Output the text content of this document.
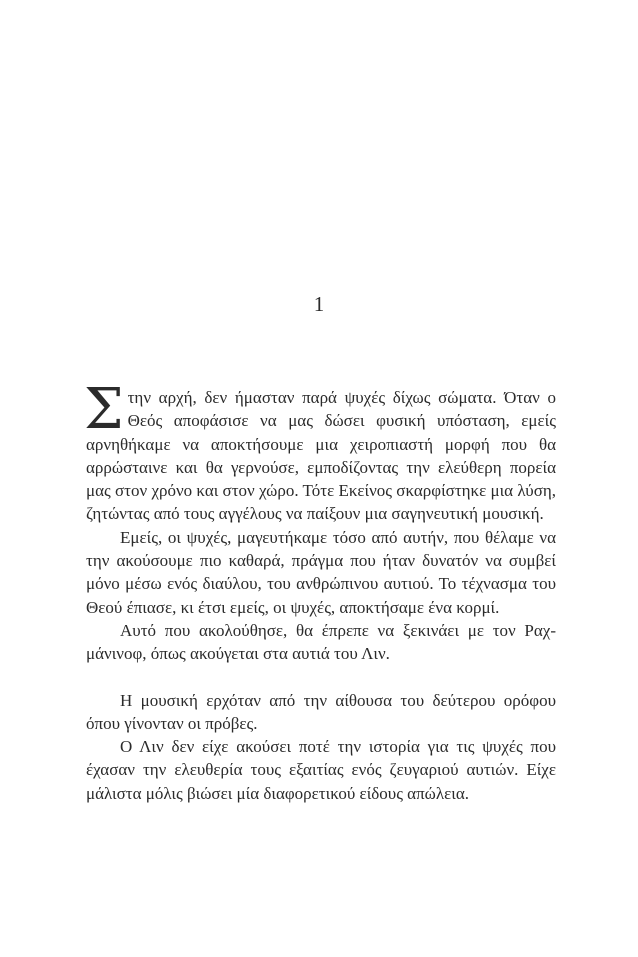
1

Στην αρχή, δεν ήμασταν παρά ψυχές δίχως σώματα. Όταν ο Θεός αποφάσισε να μας δώσει φυσική υπόσταση, εμείς αρνηθήκαμε να αποκτήσουμε μια χειροπιαστή μορφή που θα αρρώσταινε και θα γερνούσε, εμποδίζοντας την ελεύθερη πορεία μας στον χρόνο και στον χώρο. Τότε Εκείνος σκαρφίστηκε μια λύση, ζητώντας από τους αγγέλους να παίξουν μια σαγηνευτική μουσική.

Εμείς, οι ψυχές, μαγευτήκαμε τόσο από αυτήν, που θέλαμε να την ακούσουμε πιο καθαρά, πράγμα που ήταν δυνατόν να συμβεί μόνο μέσω ενός διαύλου, του ανθρώπινου αυτιού. Το τέχνασμα του Θεού έπιασε, κι έτσι εμείς, οι ψυχές, αποκτήσαμε ένα κορμί.

Αυτό που ακολούθησε, θα έπρεπε να ξεκινάει με τον Ραχμάνινοφ, όπως ακούγεται στα αυτιά του Λιν.

Η μουσική ερχόταν από την αίθουσα του δεύτερου ορόφου όπου γίνονταν οι πρόβες.

Ο Λιν δεν είχε ακούσει ποτέ την ιστορία για τις ψυχές που έχασαν την ελευθερία τους εξαιτίας ενός ζευγαριού αυτιών. Είχε μάλιστα μόλις βιώσει μία διαφορετικού είδους απώλεια.
